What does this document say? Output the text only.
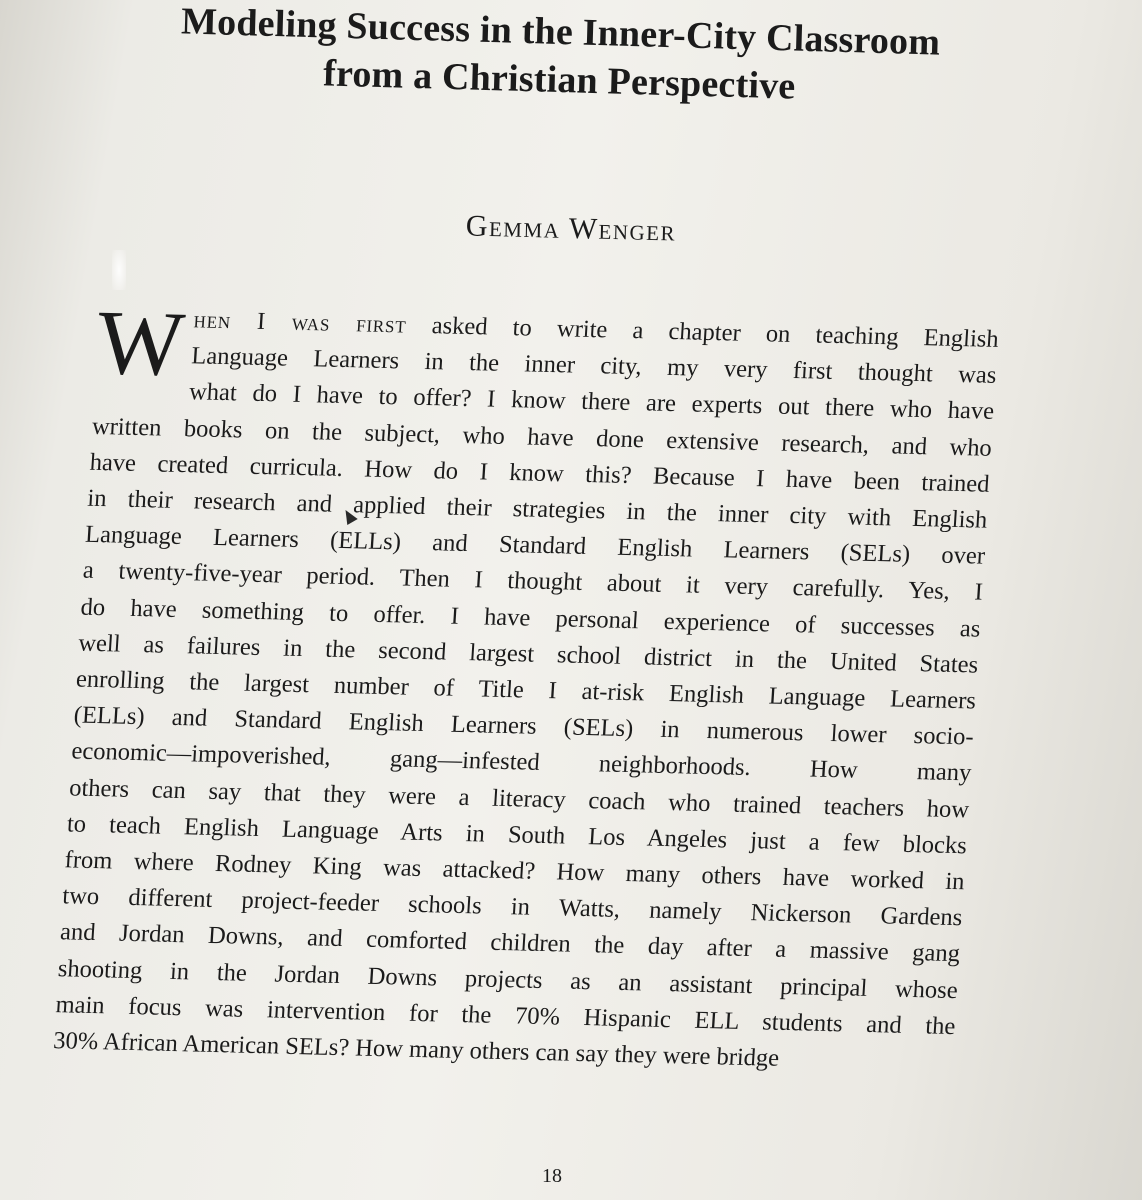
Modeling Success in the Inner-City Classroom
from a Christian Perspective

Gemma Wenger

W hen I was first asked to write a chapter on teaching English
Language Learners in the inner city, my very first thought was
what do I have to offer? I know there are experts out there who have
written books on the subject, who have done extensive research, and who
have created curricula. How do I know this? Because I have been trained
in their research and applied their strategies in the inner city with English
Language Learners (ELLs) and Standard English Learners (SELs) over
a twenty-five-year period. Then I thought about it very carefully. Yes, I
do have something to offer. I have personal experience of successes as
well as failures in the second largest school district in the United States
enrolling the largest number of Title I at-risk English Language Learners
(ELLs) and Standard English Learners (SELs) in numerous lower socio-
economic—impoverished, gang—infested neighborhoods. How many
others can say that they were a literacy coach who trained teachers how
to teach English Language Arts in South Los Angeles just a few blocks
from where Rodney King was attacked? How many others have worked in
two different project-feeder schools in Watts, namely Nickerson Gardens
and Jordan Downs, and comforted children the day after a massive gang
shooting in the Jordan Downs projects as an assistant principal whose
main focus was intervention for the 70% Hispanic ELL students and the
30% African American SELs? How many others can say they were bridge

18
